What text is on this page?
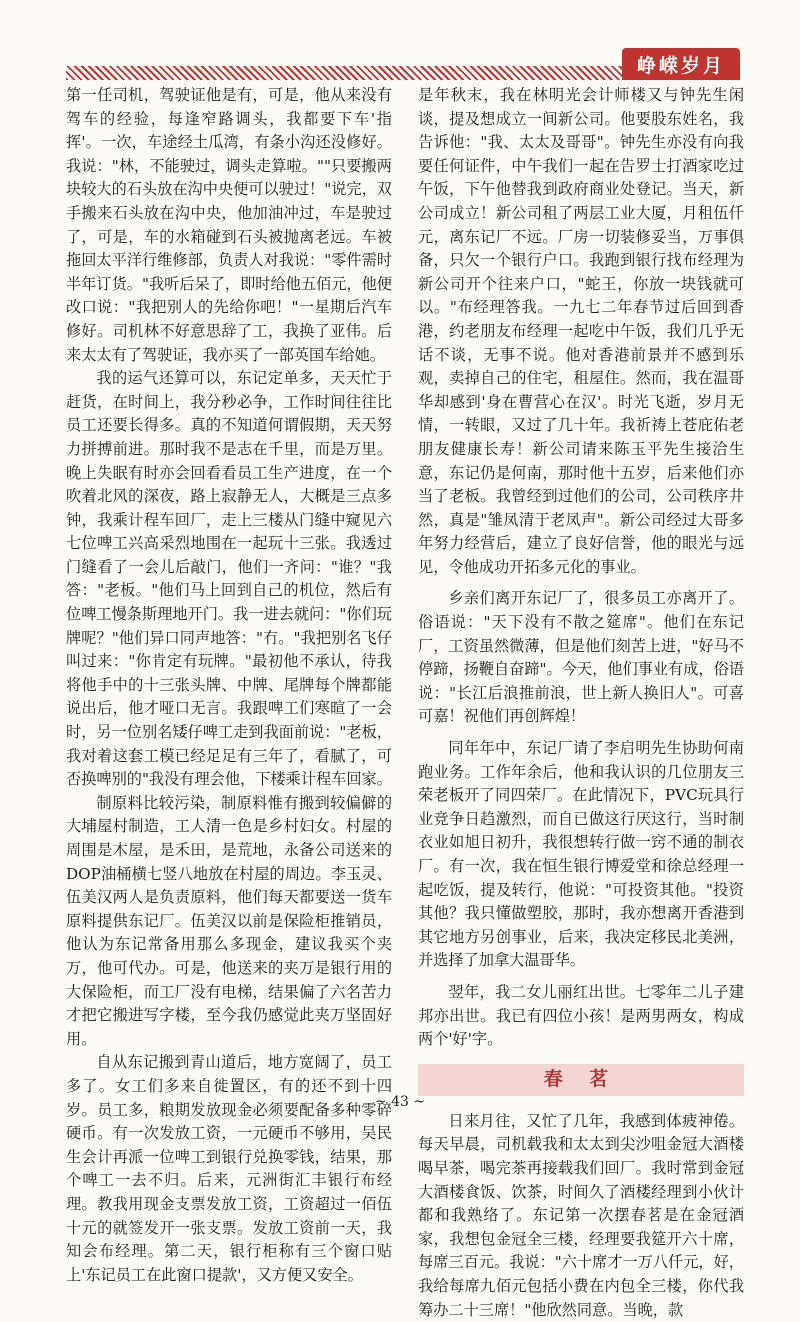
峥嵘岁月

第一任司机，驾驶证他是有，可是，他从来没有驾车的经验，每逢窄路调头，我都要下车'指挥'。一次，车途经土瓜湾，有条小沟还没修好。我说："林，不能驶过，调头走算啦。""只要搬两块较大的石头放在沟中央便可以驶过！"说完，双手搬来石头放在沟中央，他加油冲过，车是驶过了，可是，车的水箱碰到石头被抛离老远。车被拖回太平洋行维修部，负责人对我说："零件需时半年订货。"我听后呆了，即时给他五佰元，他便改口说："我把别人的先给你吧！"一星期后汽车修好。司机林不好意思辞了工，我换了亚伟。后来太太有了驾驶证，我亦买了一部英国车给她。

我的运气还算可以，东记定单多，天天忙于赶货，在时间上，我分秒必争，工作时间往往比员工还要长得多。真的不知道何谓假期，天天努力拼搏前进。那时我不是志在千里，而是万里。晚上失眠有时亦会回看看员工生产进度，在一个吹着北风的深夜，路上寂静无人，大概是三点多钟，我乘计程车回厂，走上三楼从门缝中窥见六七位啤工兴高采烈地围在一起玩十三张。我透过门缝看了一会儿后敲门，他们一齐问："谁？"我答："老板。"他们马上回到自己的机位，然后有位啤工慢条斯理地开门。我一进去就问："你们玩牌呢？"他们异口同声地答："冇。"我把别名飞仔叫过来："你肯定有玩牌。"最初他不承认，待我将他手中的十三张头牌、中牌、尾牌每个牌都能说出后，他才哑口无言。我跟啤工们寒暄了一会时，另一位别名矮仔啤工走到我面前说："老板，我对着这套工模已经足足有三年了，看腻了，可否换啤别的"我没有理会他，下楼乘计程车回家。

制原料比较污染，制原料惟有搬到较偏僻的大埔屋村制造，工人清一色是乡村妇女。村屋的周围是木屋，是禾田，是荒地，永备公司送来的DOP油桶横七竖八地放在村屋的周边。李玉灵、伍美汉两人是负责原料，他们每天都要送一货车原料提供东记厂。伍美汉以前是保险柜推销员，他认为东记常备用那么多现金，建议我买个夹万，他可代办。可是，他送来的夹万是银行用的大保险柜，而工厂没有电梯，结果偏了六名苦力才把它搬进写字楼，至今我仍感觉此夹万坚固好用。

自从东记搬到青山道后，地方宽阔了，员工多了。女工们多来自徙置区，有的还不到十四岁。员工多，粮期发放现金必须要配备多种零碎硬币。有一次发放工资，一元硬币不够用，吴民生会计再派一位啤工到银行兑换零钱，结果，那个啤工一去不归。后来，元洲街汇丰银行布经理。教我用现金支票发放工资，工资超过一佰伍十元的就签发开一张支票。发放工资前一天，我知会布经理。第二天，银行柜称有三个窗口贴上'东记员工在此窗口提款'，又方便又安全。

是年秋末，我在林明光会计师楼又与钟先生闲谈，提及想成立一间新公司。他要股东姓名，我告诉他："我、太太及哥哥"。钟先生亦没有向我要任何证件，中午我们一起在告罗士打酒家吃过午饭，下午他替我到政府商业处登记。当天，新公司成立！新公司租了两层工业大厦，月租伍仟元，离东记厂不远。厂房一切装修妥当，万事俱备，只欠一个银行户口。我跑到银行找布经理为新公司开个往来户口，"蛇王，你放一块钱就可以。"布经理答我。一九七二年春节过后回到香港，约老朋友布经理一起吃中午饭，我们几乎无话不谈，无事不说。他对香港前景并不感到乐观，卖掉自己的住宅，租屋住。然而，我在温哥华却感到'身在曹营心在汉'。时光飞逝，岁月无情，一转眼，又过了几十年。我祈祷上苍庇佑老朋友健康长寿！新公司请来陈玉平先生接洽生意，东记仍是何南，那时他十五岁，后来他们亦当了老板。我曾经到过他们的公司，公司秩序井然，真是"雏凤清于老凤声"。新公司经过大哥多年努力经营后，建立了良好信誉，他的眼光与远见，令他成功开拓多元化的事业。

乡亲们离开东记厂了，很多员工亦离开了。俗语说："天下没有不散之筵席"。他们在东记厂，工资虽然微薄，但是他们刻苦上进，"好马不停蹄，扬鞭自奋蹄"。今天，他们事业有成，俗语说："长江后浪推前浪，世上新人换旧人"。可喜可嘉！祝他们再创辉煌！

同年年中，东记厂请了李启明先生协助何南跑业务。工作年余后，他和我认识的几位朋友三荣老板开了同四荣厂。在此情况下，PVC玩具行业竞争日趋激烈，而自已做这行厌这行，当时制衣业如旭日初升，我很想转行做一窍不通的制衣厂。有一次，我在恒生银行博爱堂和徐总经理一起吃饭，提及转行，他说："可投资其他。"投资其他？我只懂做塑胶，那时，我亦想离开香港到其它地方另创事业，后来，我决定移民北美洲，并选择了加拿大温哥华。

翌年，我二女儿丽红出世。七零年二儿子建邦亦出世。我已有四位小孩！是两男两女，构成两个'好'字。

春 茗

日来月往，又忙了几年，我感到体疲神倦。每天早晨，司机载我和太太到尖沙咀金冠大酒楼喝早茶，喝完茶再接载我们回厂。我时常到金冠大酒楼食饭、饮茶，时间久了酒楼经理到小伙计都和我熟络了。东记第一次摆春茗是在金冠酒家，我想包金冠全三楼，经理要我筵开六十席，每席三百元。我说："六十席才一万八仟元，好，我给每席九佰元包括小费在内包全三楼，你代我筹办二十三席！"他欣然同意。当晚，款

~ 43 ~
